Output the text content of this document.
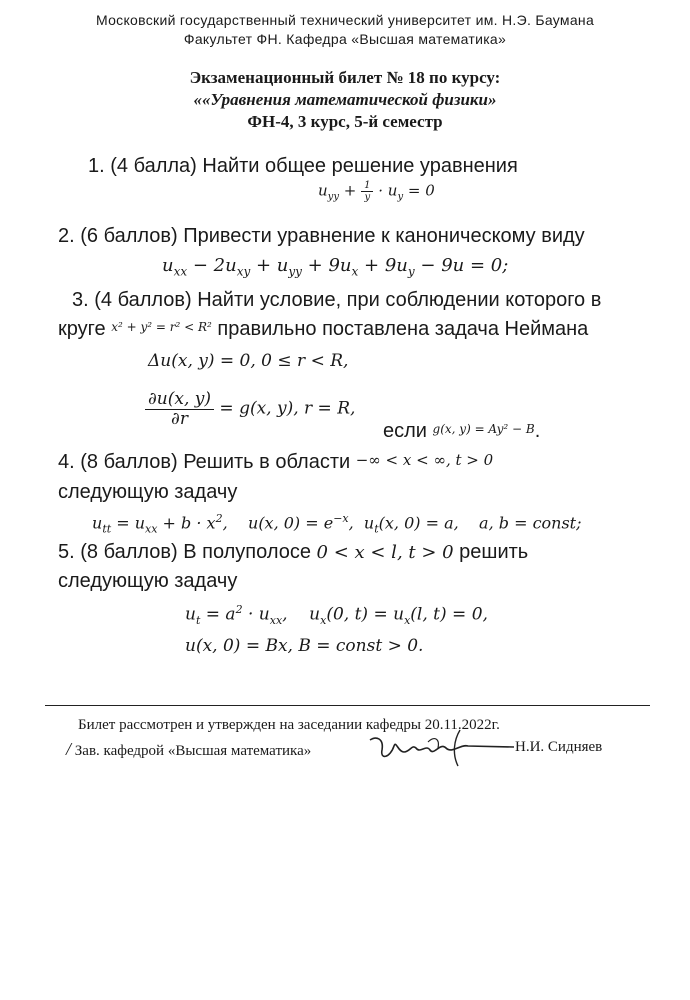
Московский государственный технический университет им. Н.Э. Баумана
Факультет ФН. Кафедра «Высшая математика»
Экзаменационный билет № 18 по курсу:
««Уравнения математической физики»
ФН-4, 3 курс, 5-й семестр
1. (4 балла) Найти общее решение уравнения
$u_{yy} + \frac{1}{y} \cdot u_y = 0$
2. (6 баллов) Привести уравнение к каноническому виду
$u_{xx} - 2u_{xy} + u_{yy} + 9u_x + 9u_y - 9u = 0$;
3. (4 баллов) Найти условие, при соблюдении которого в
круге $^{x^2 + y^2 = r^2 < R^2}$ правильно поставлена задача Неймана
Δu(x, y) = 0, 0 ≤ r < R,
$\frac{\partial u(x, y)}{\partial r} = g(x$, y), r = R,
если $^{g(x, y) = Ay^2 - B}$.
4. (8 баллов) Решить в области −∞ < x < ∞, t > 0
следующую задачу
$u_{tt} = u_{xx} + b \cdot x^2$,    u(x, $0) = e^{-x}$,  $u_t(x$, 0) = a,    a, b = const;
5. (8 баллов) В полуполосе 0 < x < l, t > 0 решить
следующую задачу
$u_t = a^2 \cdot u_{xx}$,    $u_x(0$, $t) = u_x(l$, t) = 0,
u(x, 0) = Bx, B = const > 0.
Билет рассмотрен и утвержден на заседании кафедры 20.11.2022г.
/ Зав. кафедрой «Высшая математика»	Н.И. Сидняев
